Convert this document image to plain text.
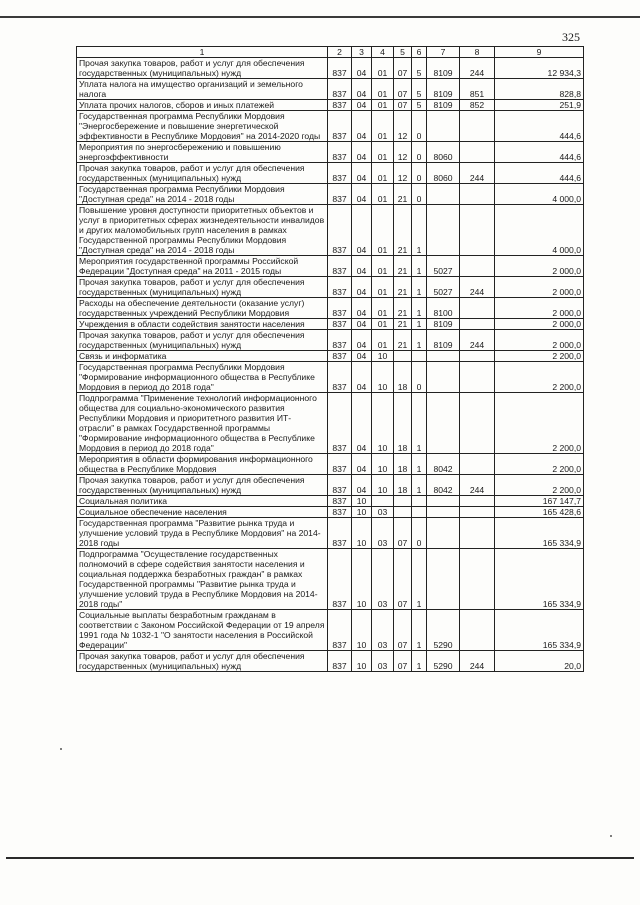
325
1	2	3	4	5	6	7	8	9
Прочая закупка товаров, работ и услуг для обеспечения государственных (муниципальных) нужд	837	04	01	07	5	8109	244	12 934,3
Уплата налога на имущество организаций и земельного налога	837	04	01	07	5	8109	851	828,8
Уплата прочих налогов, сборов и иных платежей	837	04	01	07	5	8109	852	251,9
Государственная программа Республики Мордовия "Энергосбережение и повышение энергетической эффективности в Республике Мордовия" на 2014-2020 годы	837	04	01	12	0			444,6
Мероприятия по энергосбережению и повышению энергоэффективности	837	04	01	12	0	8060		444,6
Прочая закупка товаров, работ и услуг для обеспечения государственных (муниципальных) нужд	837	04	01	12	0	8060	244	444,6
Государственная программа Республики Мордовия "Доступная среда" на 2014 - 2018 годы	837	04	01	21	0			4 000,0
Повышение уровня доступности приоритетных объектов и услуг в приоритетных сферах жизнедеятельности инвалидов и других маломобильных групп населения в рамках Государственной программы Республики Мордовия "Доступная среда" на 2014 - 2018 годы	837	04	01	21	1			4 000,0
Мероприятия государственной программы Российской Федерации "Доступная среда" на 2011 - 2015 годы	837	04	01	21	1	5027		2 000,0
Прочая закупка товаров, работ и услуг для обеспечения государственных (муниципальных) нужд	837	04	01	21	1	5027	244	2 000,0
Расходы на обеспечение деятельности (оказание услуг) государственных учреждений Республики Мордовия	837	04	01	21	1	8100		2 000,0
Учреждения в области содействия занятости населения	837	04	01	21	1	8109		2 000,0
Прочая закупка товаров, работ и услуг для обеспечения государственных (муниципальных) нужд	837	04	01	21	1	8109	244	2 000,0
Связь и информатика	837	04	10					2 200,0
Государственная программа Республики Мордовия "Формирование информационного общества в Республике Мордовия в период до 2018 года"	837	04	10	18	0			2 200,0
Подпрограмма "Применение технологий информационного общества для социально-экономического развития Республики Мордовия и приоритетного развития ИТ-отрасли" в рамках Государственной программы "Формирование информационного общества в Республике Мордовия в период до 2018 года"	837	04	10	18	1			2 200,0
Мероприятия в области формирования информационного общества в Республике Мордовия	837	04	10	18	1	8042		2 200,0
Прочая закупка товаров, работ и услуг для обеспечения государственных (муниципальных) нужд	837	04	10	18	1	8042	244	2 200,0
Социальная политика	837	10						167 147,7
Социальное обеспечение населения	837	10	03					165 428,6
Государственная программа "Развитие рынка труда и улучшение условий труда в Республике Мордовия" на 2014-2018 годы	837	10	03	07	0			165 334,9
Подпрограмма "Осуществление государственных полномочий в сфере содействия занятости населения и социальная поддержка безработных граждан" в рамках Государственной программы "Развитие рынка труда и улучшение условий труда в Республике Мордовия на 2014-2018 годы"	837	10	03	07	1			165 334,9
Социальные выплаты безработным гражданам в соответствии с Законом Российской Федерации от 19 апреля 1991 года № 1032-1 "О занятости населения в Российской Федерации"	837	10	03	07	1	5290		165 334,9
Прочая закупка товаров, работ и услуг для обеспечения государственных (муниципальных) нужд	837	10	03	07	1	5290	244	20,0
